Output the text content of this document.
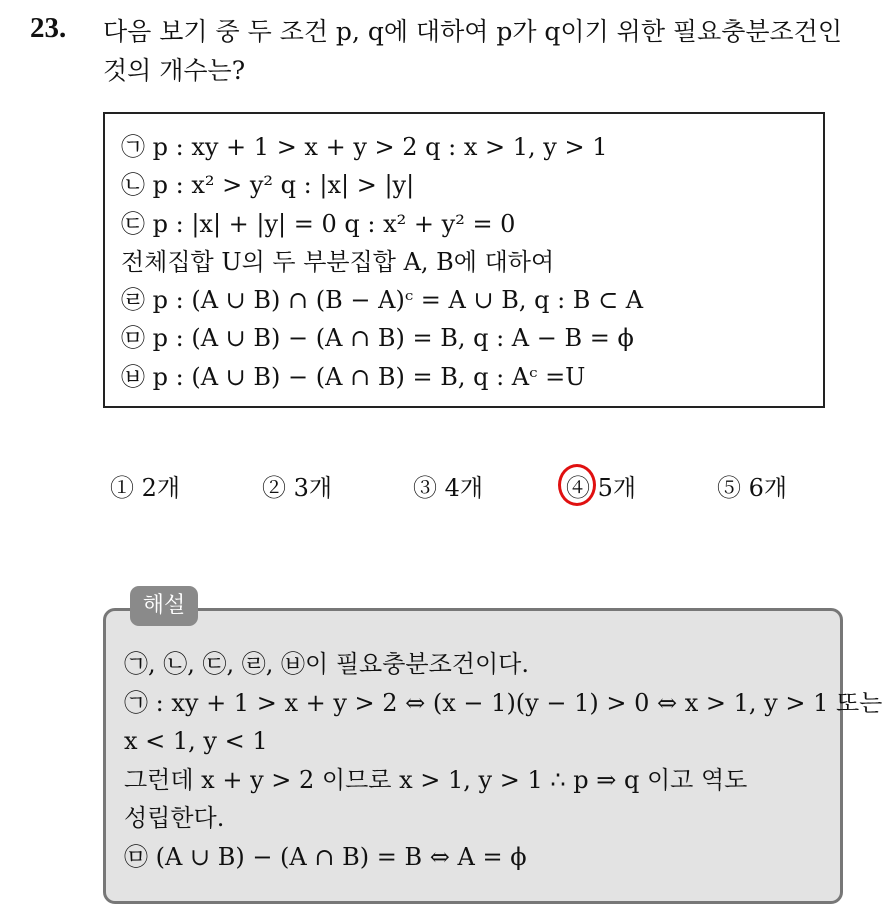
23. 다음 보기 중 두 조건 p, q에 대하여 p가 q이기 위한 필요충분조건인 것의 개수는?
㉠ p : xy + 1 > x + y > 2 q : x > 1, y > 1
㉡ p : x² > y² q : |x| > |y|
㉢ p : |x| + |y| = 0 q : x² + y² = 0
전체집합 U의 두 부분집합 A, B에 대하여
㉣ p : (A ∪ B) ∩ (B − A)ᶜ = A ∪ B, q : B ⊂ A
㉤ p : (A ∪ B) − (A ∩ B) = B, q : A − B = ϕ
㉥ p : (A ∪ B) − (A ∩ B) = B, q : Aᶜ =U
① 2개	② 3개	③ 4개	④ 5개	⑤ 6개
해설
㉠, ㉡, ㉢, ㉣, ㉥이 필요충분조건이다.
㉠ : xy + 1 > x + y > 2 ⇔ (x − 1)(y − 1) > 0 ⇔ x > 1, y > 1 또는
x < 1, y < 1
그런데 x + y > 2 이므로 x > 1, y > 1 ∴ p ⇒ q 이고 역도
성립한다.
㉤ (A ∪ B) − (A ∩ B) = B ⇔ A = ϕ
